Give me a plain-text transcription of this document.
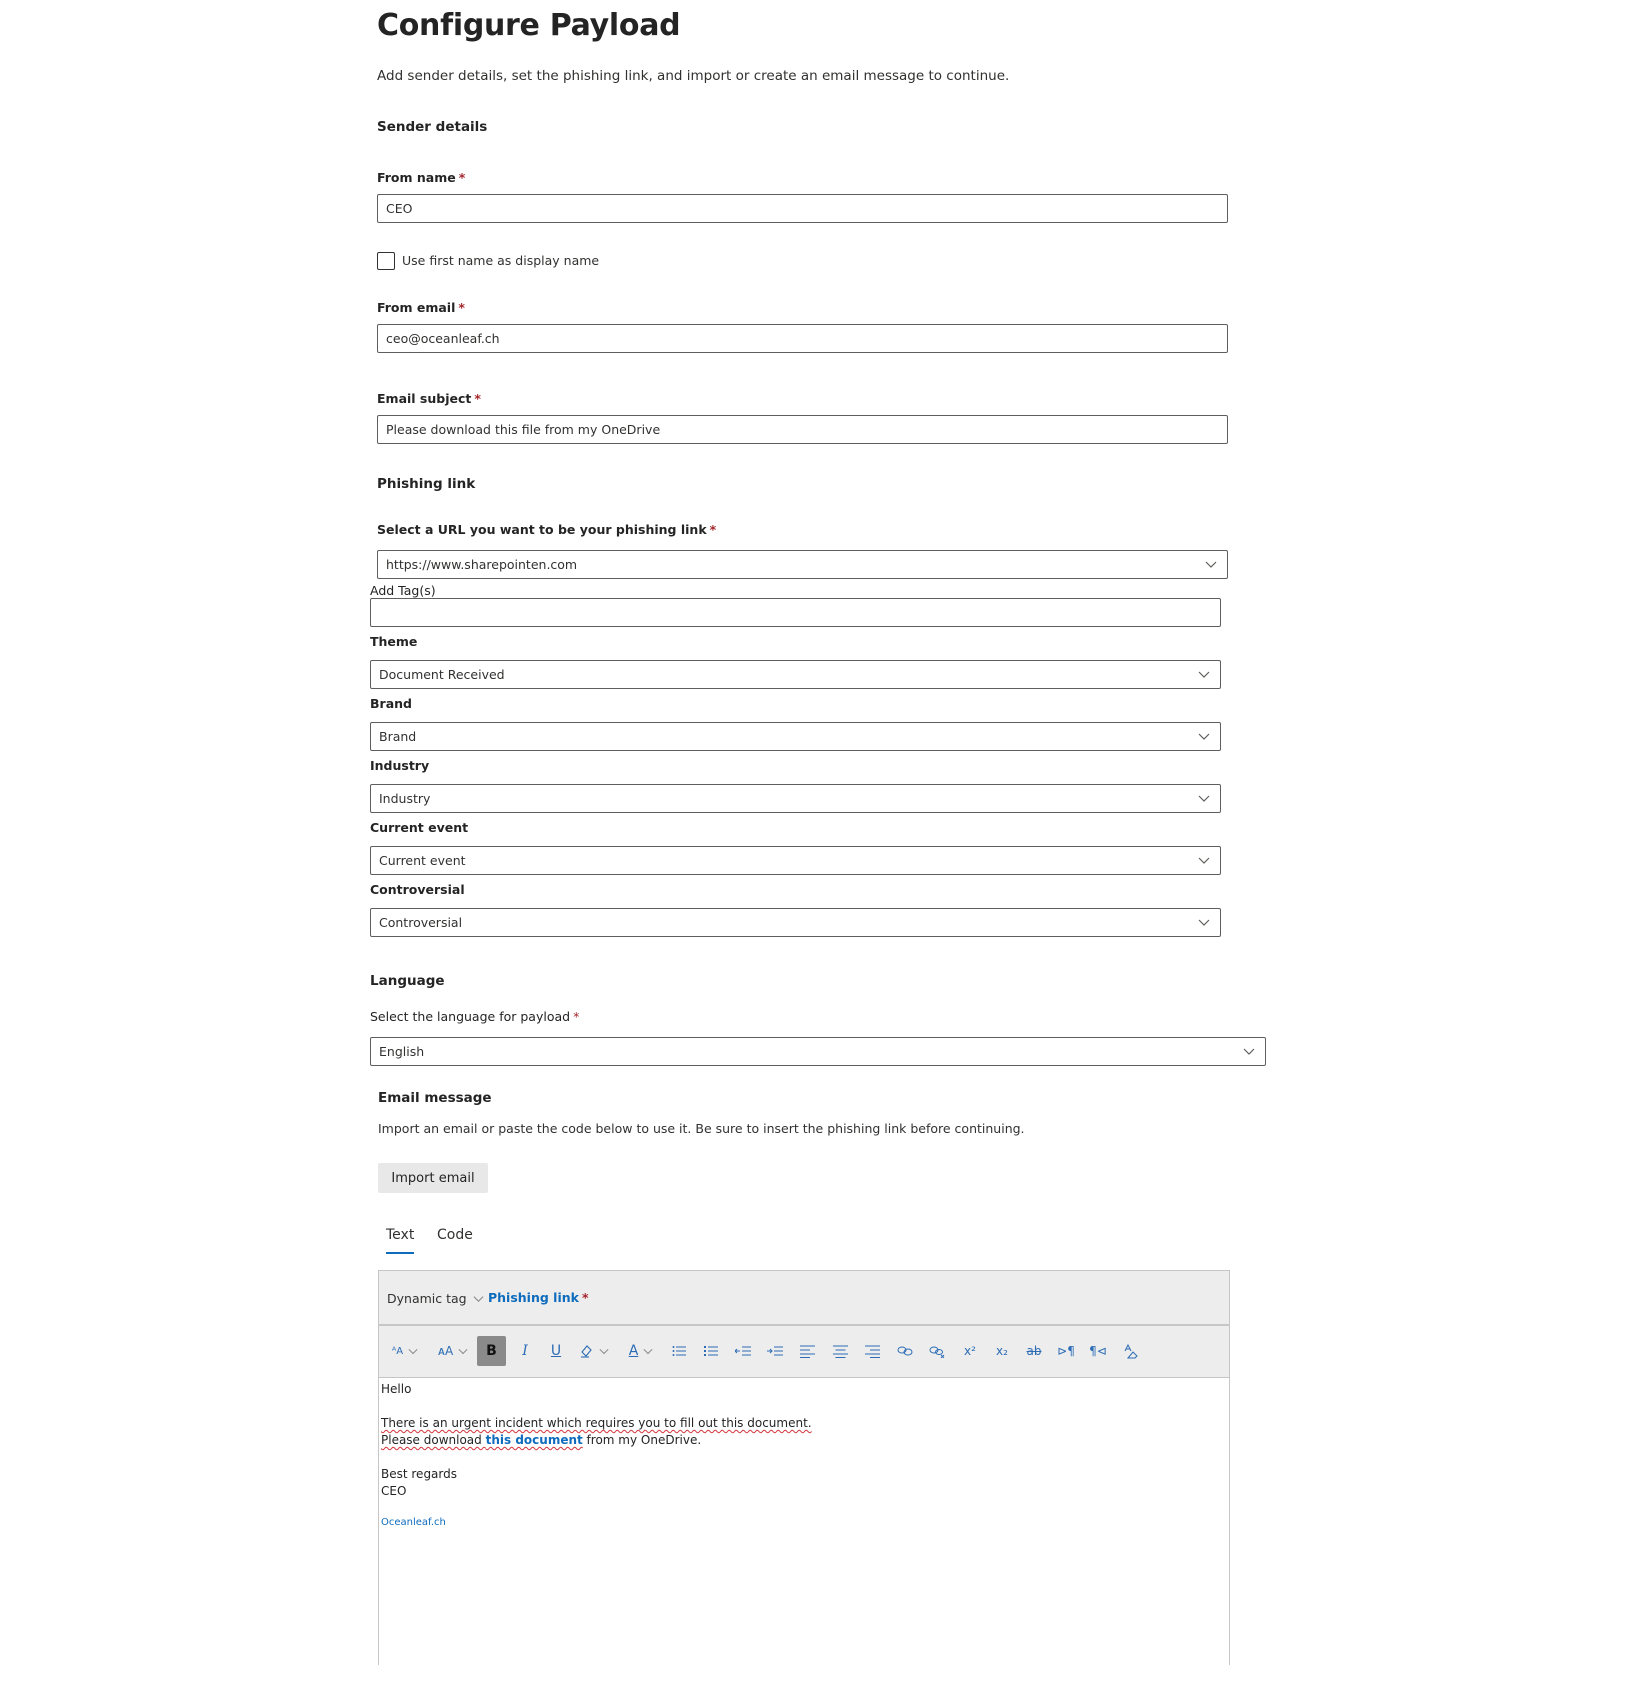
Configure Payload
Add sender details, set the phishing link, and import or create an email message to continue.
Sender details
From name *
CEO
Use first name as display name
From email *
ceo@oceanleaf.ch
Email subject *
Please download this file from my OneDrive
Phishing link
Select a URL you want to be your phishing link *
https://www.sharepointen.com
Add Tag(s)
Theme
Document Received
Brand
Brand
Industry
Industry
Current event
Current event
Controversial
Controversial
Language
Select the language for payload *
English
Email message
Import an email or paste the code below to use it. Be sure to insert the phishing link before continuing.
Import email
Text Code
Dynamic tag Phishing link *
ᴬA	ᴀA B I U	A	x² x₂ ab ⊳¶ ¶⊲
Hello
There is an urgent incident which requires you to fill out this document.
Please download this document from my OneDrive.
Best regards
CEO
Oceanleaf.ch
